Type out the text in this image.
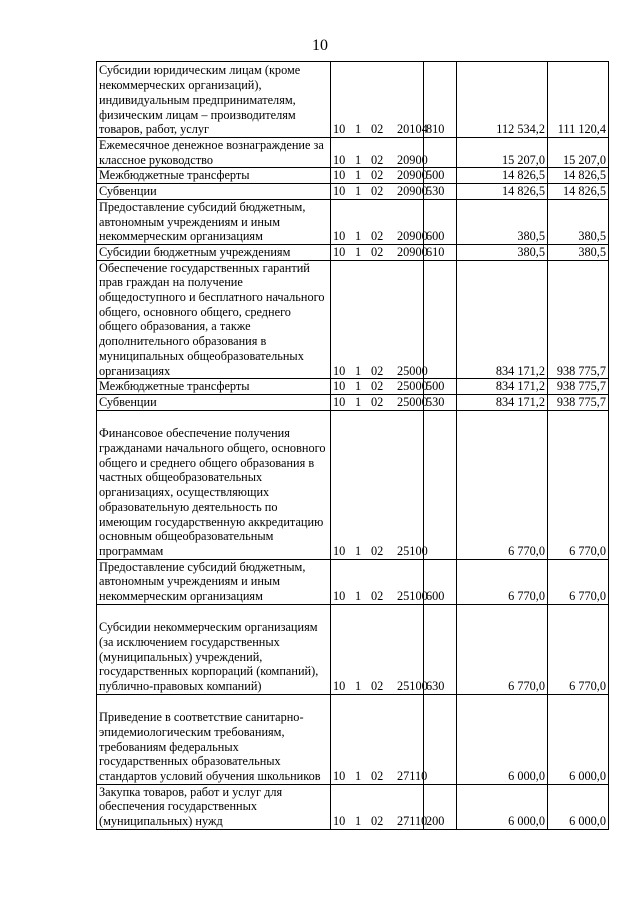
10
Субсидии юридическим лицам (кроме некоммерческих организаций), индивидуальным предпринимателям, физическим лицам – производителям товаров, работ, услуг	10 1 02 20104	810	112 534,2	111 120,4
Ежемесячное денежное вознаграждение за классное руководство	10 1 02 20900		15 207,0	15 207,0
Межбюджетные трансферты	10 1 02 20900	500	14 826,5	14 826,5
Субвенции	10 1 02 20900	530	14 826,5	14 826,5
Предоставление субсидий бюджетным, автономным учреждениям и иным некоммерческим организациям	10 1 02 20900	600	380,5	380,5
Субсидии бюджетным учреждениям	10 1 02 20900	610	380,5	380,5
Обеспечение государственных гарантий прав граждан на получение общедоступного и бесплатного начального общего, основного общего, среднего общего образования, а также дополнительного образования в муниципальных общеобразовательных организациях	10 1 02 25000		834 171,2	938 775,7
Межбюджетные трансферты	10 1 02 25000	500	834 171,2	938 775,7
Субвенции	10 1 02 25000	530	834 171,2	938 775,7
Финансовое обеспечение получения гражданами начального общего, основного общего и среднего общего образования в частных общеобразовательных организациях, осуществляющих образовательную деятельность по имеющим государственную аккредитацию основным общеобразовательным программам	10 1 02 25100		6 770,0	6 770,0
Предоставление субсидий бюджетным, автономным учреждениям и иным некоммерческим организациям	10 1 02 25100	600	6 770,0	6 770,0
Субсидии некоммерческим организациям (за исключением государственных (муниципальных) учреждений, государственных корпораций (компаний), публично-правовых компаний)	10 1 02 25100	630	6 770,0	6 770,0
Приведение в соответствие санитарно-эпидемиологическим требованиям, требованиям федеральных государственных образовательных стандартов условий обучения школьников	10 1 02 27110		6 000,0	6 000,0
Закупка товаров, работ и услуг для обеспечения государственных (муниципальных) нужд	10 1 02 27110	200	6 000,0	6 000,0
